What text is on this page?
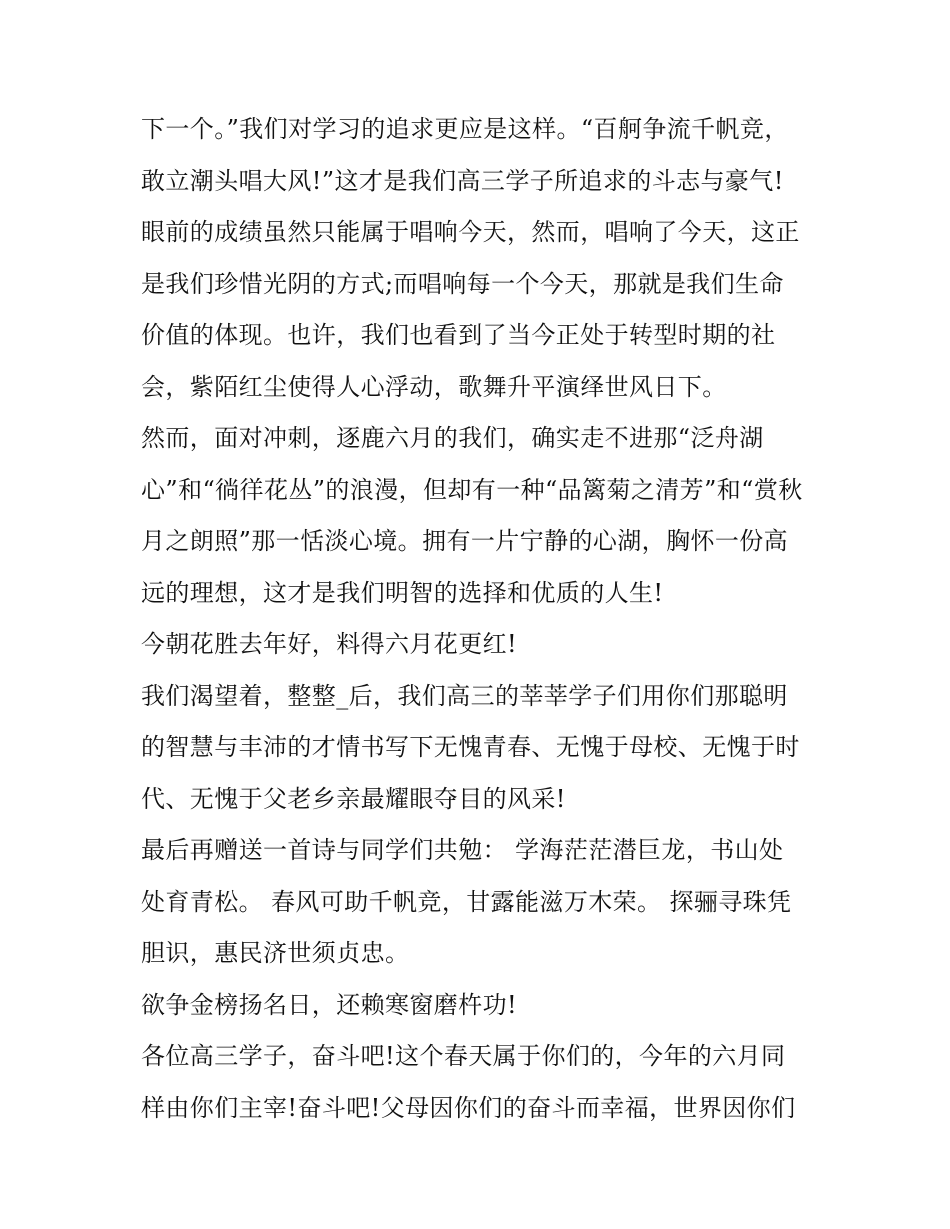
下一个。”我们对学习的追求更应是这样。“百舸争流千帆竞，
敢立潮头唱大风!”这才是我们高三学子所追求的斗志与豪气!
眼前的成绩虽然只能属于唱响今天，然而，唱响了今天，这正
是我们珍惜光阴的方式;而唱响每一个今天，那就是我们生命
价值的体现。也许，我们也看到了当今正处于转型时期的社
会，紫陌红尘使得人心浮动，歌舞升平演绎世风日下。
然而，面对冲刺，逐鹿六月的我们，确实走不进那“泛舟湖
心”和“徜徉花丛”的浪漫，但却有一种“品篱菊之清芳”和“赏秋
月之朗照”那一恬淡心境。拥有一片宁静的心湖，胸怀一份高
远的理想，这才是我们明智的选择和优质的人生!
今朝花胜去年好，料得六月花更红!
我们渴望着，整整_后，我们高三的莘莘学子们用你们那聪明
的智慧与丰沛的才情书写下无愧青春、无愧于母校、无愧于时
代、无愧于父老乡亲最耀眼夺目的风采!
最后再赠送一首诗与同学们共勉： 学海茫茫潜巨龙，书山处
处育青松。 春风可助千帆竞，甘露能滋万木荣。 探骊寻珠凭
胆识，惠民济世须贞忠。
欲争金榜扬名日，还赖寒窗磨杵功!
各位高三学子，奋斗吧!这个春天属于你们的，今年的六月同
样由你们主宰!奋斗吧!父母因你们的奋斗而幸福，世界因你们
